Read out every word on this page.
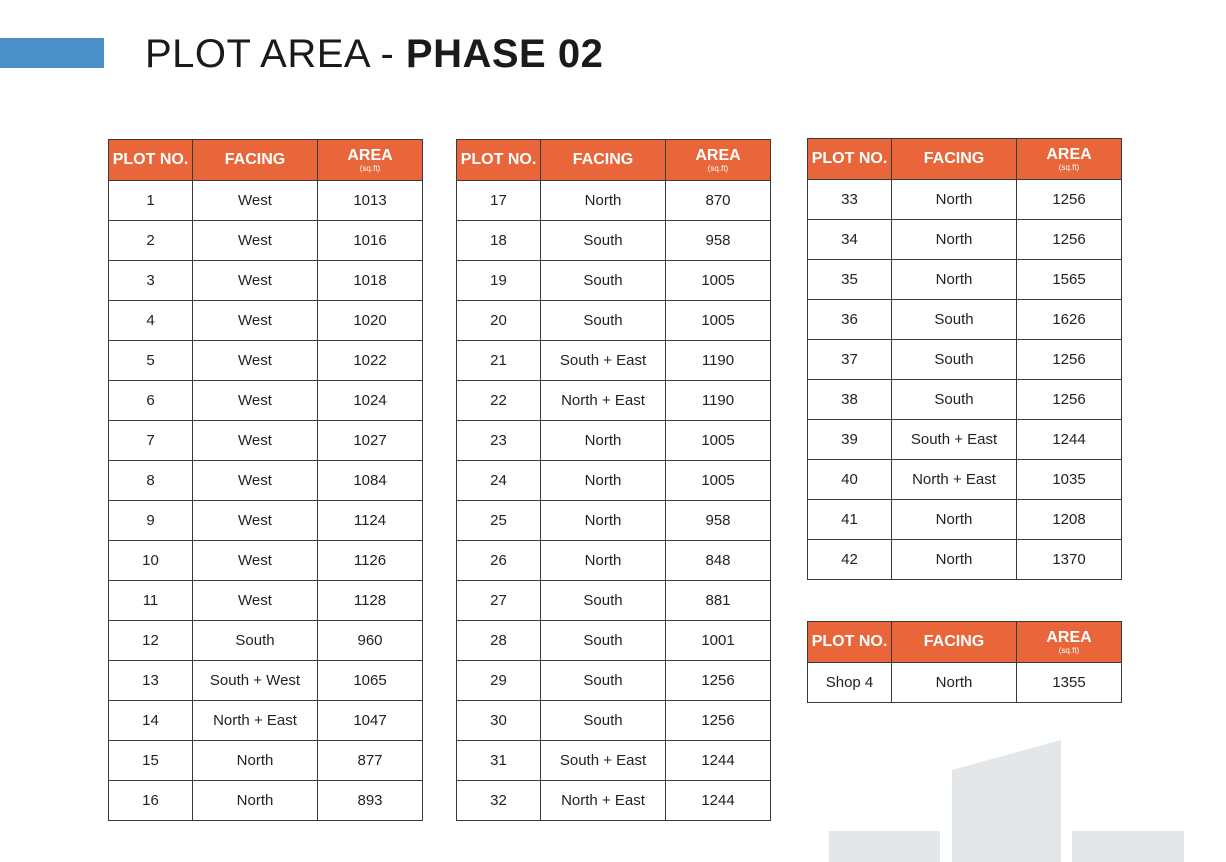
PLOT AREA - PHASE 02
PLOT NO.	FACING	AREA
(sq.ft)

1	West	1013
2	West	1016
3	West	1018
4	West	1020
5	West	1022
6	West	1024
7	West	1027
8	West	1084
9	West	1124
10	West	1126
11	West	1128
12	South	960
13	South + West	1065
14	North + East	1047
15	North	877
16	North	893
PLOT NO.	FACING	AREA
(sq.ft)

17	North	870
18	South	958
19	South	1005
20	South	1005
21	South + East	1190
22	North + East	1190
23	North	1005
24	North	1005
25	North	958
26	North	848
27	South	881
28	South	1001
29	South	1256
30	South	1256
31	South + East	1244
32	North + East	1244
PLOT NO.	FACING	AREA
(sq.ft)

33	North	1256
34	North	1256
35	North	1565
36	South	1626
37	South	1256
38	South	1256
39	South + East	1244
40	North + East	1035
41	North	1208
42	North	1370
PLOT NO.	FACING	AREA
(sq.ft)

Shop 4	North	1355
